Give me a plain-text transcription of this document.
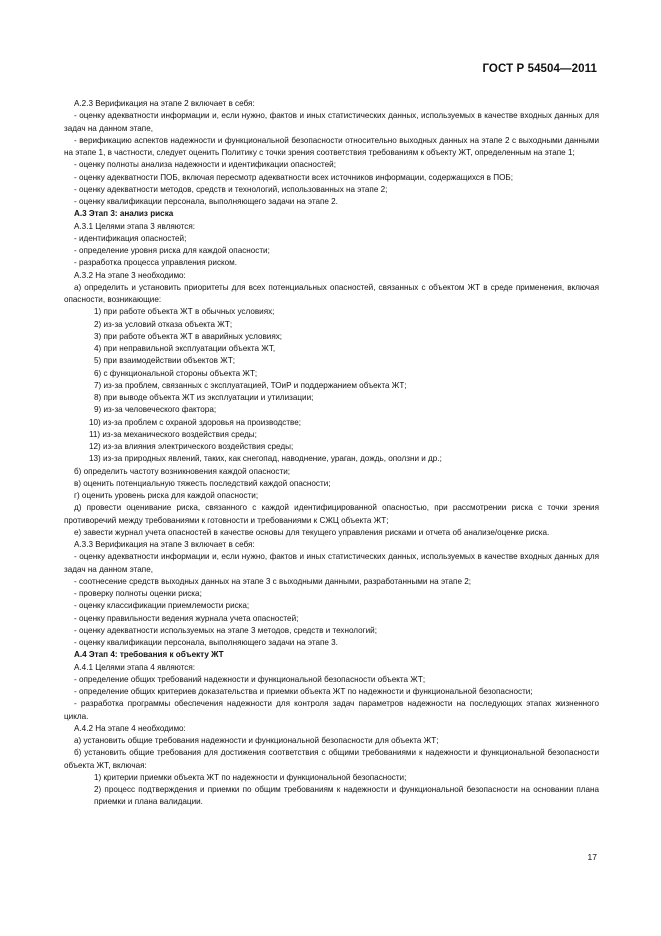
ГОСТ Р 54504—2011

А.2.3 Верификация на этапе 2 включает в себя:

- оценку адекватности информации и, если нужно, фактов и иных статистических данных, используемых в качестве входных данных для задач на данном этапе,

- верификацию аспектов надежности и функциональной безопасности относительно выходных данных на этапе 2 с выходными данными на этапе 1, в частности, следует оценить Политику с точки зрения соответствия требованиям к объекту ЖТ, определенным на этапе 1;

- оценку полноты анализа надежности и идентификации опасностей;

- оценку адекватности ПОБ, включая пересмотр адекватности всех источников информации, содержащихся в ПОБ;

- оценку адекватности методов, средств и технологий, использованных на этапе 2;

- оценку квалификации персонала, выполняющего задачи на этапе 2.

А.3 Этап 3: анализ риска

А.3.1 Целями этапа 3 являются:

- идентификация опасностей;

- определение уровня риска для каждой опасности;

- разработка процесса управления риском.

А.3.2 На этапе 3 необходимо:

а) определить и установить приоритеты для всех потенциальных опасностей, связанных с объектом ЖТ в среде применения, включая опасности, возникающие:

1) при работе объекта ЖТ в обычных условиях;

2) из-за условий отказа объекта ЖТ;

3) при работе объекта ЖТ в аварийных условиях;

4) при неправильной эксплуатации объекта ЖТ,

5) при взаимодействии объектов ЖТ;

6) с функциональной стороны объекта ЖТ;

7) из-за проблем, связанных с эксплуатацией, ТОиР и поддержанием объекта ЖТ;

8) при выводе объекта ЖТ из эксплуатации и утилизации;

9) из-за человеческого фактора;

10) из-за проблем с охраной здоровья на производстве;

11) из-за механического воздействия среды;

12) из-за влияния электрического воздействия среды;

13) из-за природных явлений, таких, как снегопад, наводнение, ураган, дождь, оползни и др.;

б) определить частоту возникновения каждой опасности;

в) оценить потенциальную тяжесть последствий каждой опасности;

г) оценить уровень риска для каждой опасности;

д) провести оценивание риска, связанного с каждой идентифицированной опасностью, при рассмотрении риска с точки зрения противоречий между требованиями к готовности и требованиями к СЖЦ объекта ЖТ;

е) завести журнал учета опасностей в качестве основы для текущего управления рисками и отчета об анализе/оценке риска.

А.3.3 Верификация на этапе 3 включает в себя:

- оценку адекватности информации и, если нужно, фактов и иных статистических данных, используемых в качестве входных данных для задач на данном этапе,

- соотнесение средств выходных данных на этапе 3 с выходными данными, разработанными на этапе 2;

- проверку полноты оценки риска;

- оценку классификации приемлемости риска;

- оценку правильности ведения журнала учета опасностей;

- оценку адекватности используемых на этапе 3 методов, средств и технологий;

- оценку квалификации персонала, выполняющего задачи на этапе 3.

А.4 Этап 4: требования к объекту ЖТ

А.4.1 Целями этапа 4 являются:

- определение общих требований надежности и функциональной безопасности объекта ЖТ;

- определение общих критериев доказательства и приемки объекта ЖТ по надежности и функциональной безопасности;

- разработка программы обеспечения надежности для контроля задач параметров надежности на последующих этапах жизненного цикла.

А.4.2 На этапе 4 необходимо:

а) установить общие требования надежности и функциональной безопасности для объекта ЖТ;

б) установить общие требования для достижения соответствия с общими требованиями к надежности и функциональной безопасности объекта ЖТ, включая:

1) критерии приемки объекта ЖТ по надежности и функциональной безопасности;

2) процесс подтверждения и приемки по общим требованиям к надежности и функциональной безопасности на основании плана приемки и плана валидации.

17
